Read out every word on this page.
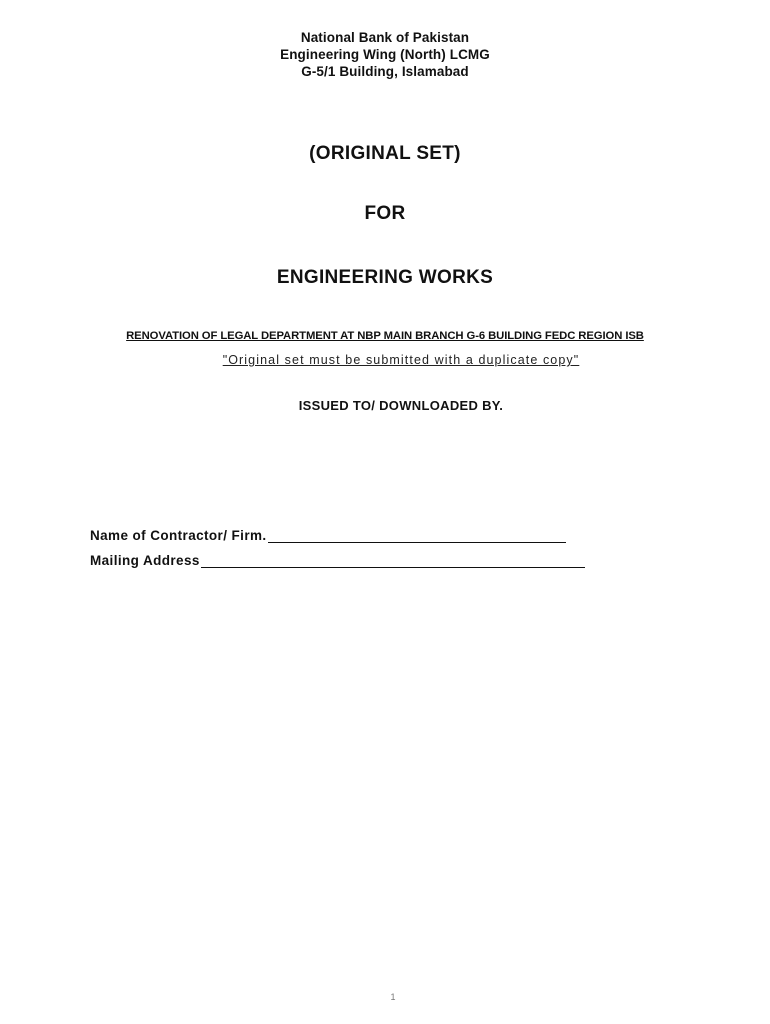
National Bank of Pakistan
Engineering Wing (North) LCMG
G-5/1 Building, Islamabad
(ORIGINAL SET)
FOR
ENGINEERING WORKS
RENOVATION OF LEGAL DEPARTMENT AT NBP MAIN BRANCH G-6 BUILDING FEDC REGION ISB
"Original set must be submitted with a duplicate copy"
ISSUED TO/ DOWNLOADED BY.
Name of Contractor/ Firm.
Mailing Address
1
